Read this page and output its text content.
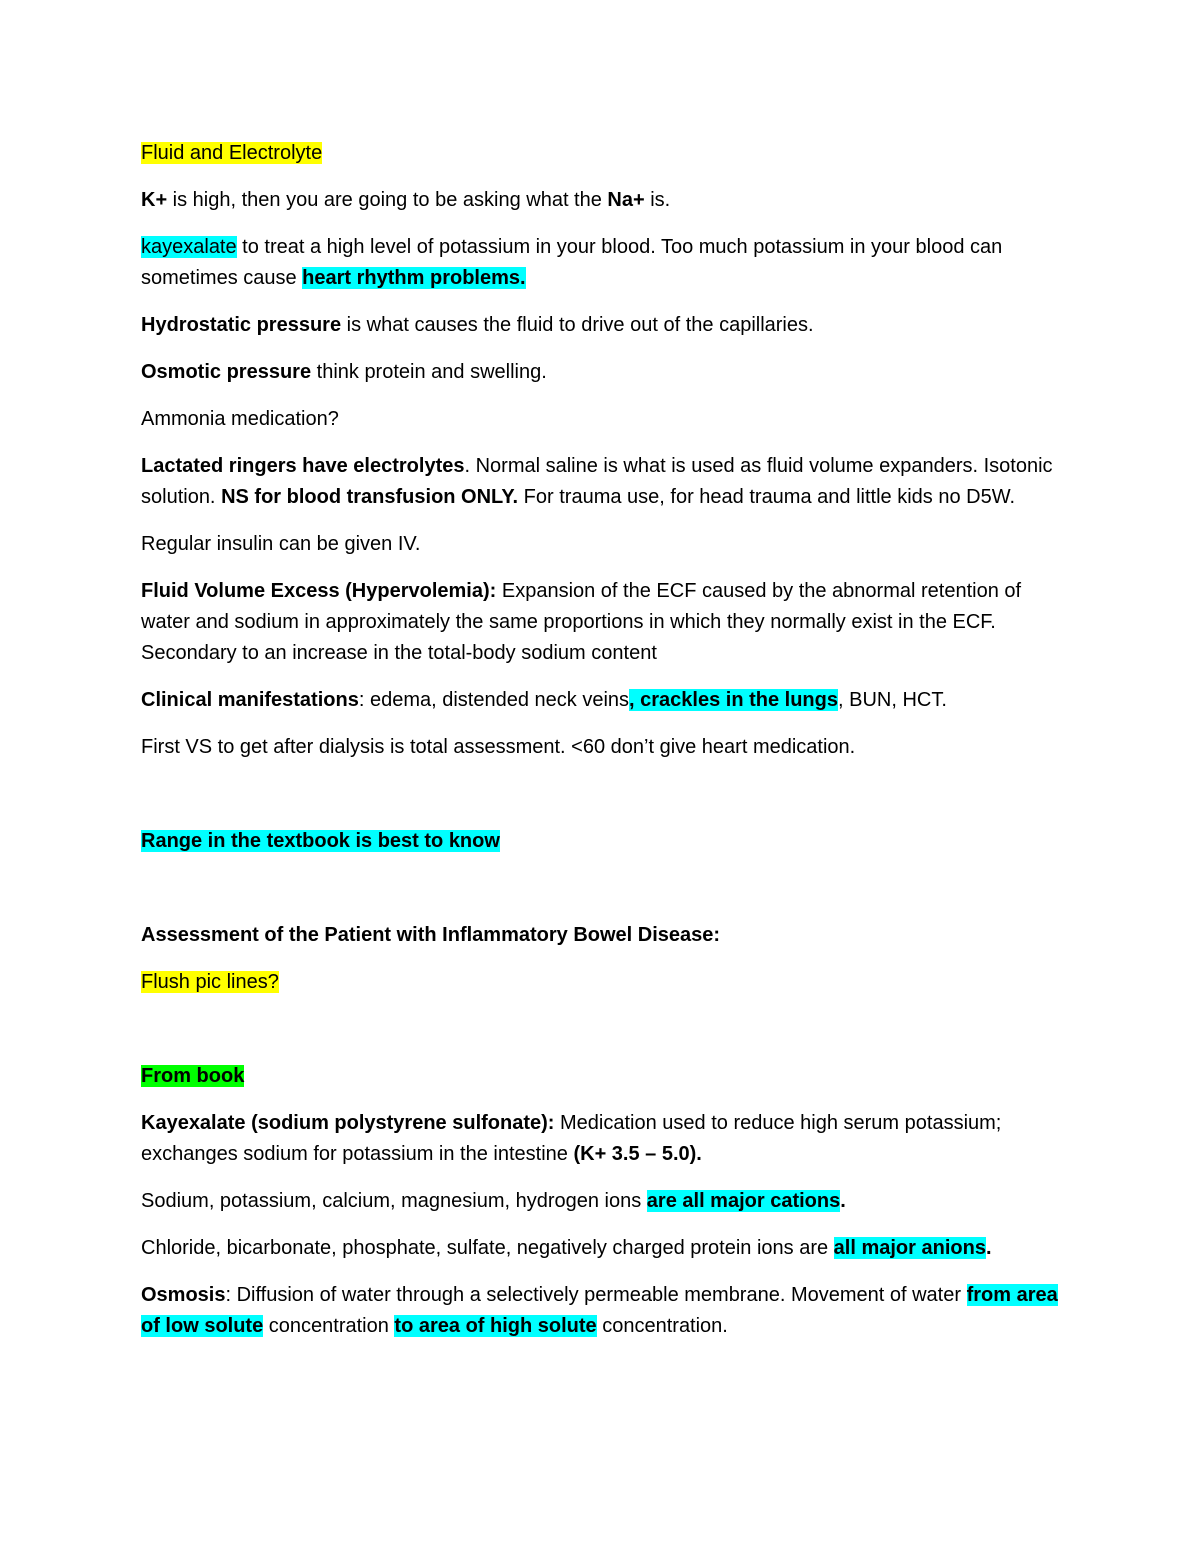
Fluid and Electrolyte

K+ is high, then you are going to be asking what the Na+ is.

kayexalate to treat a high level of potassium in your blood. Too much potassium in your blood can sometimes cause heart rhythm problems.

Hydrostatic pressure is what causes the fluid to drive out of the capillaries.

Osmotic pressure think protein and swelling.

Ammonia medication?

Lactated ringers have electrolytes. Normal saline is what is used as fluid volume expanders. Isotonic solution. NS for blood transfusion ONLY. For trauma use, for head trauma and little kids no D5W.

Regular insulin can be given IV.

Fluid Volume Excess (Hypervolemia): Expansion of the ECF caused by the abnormal retention of water and sodium in approximately the same proportions in which they normally exist in the ECF. Secondary to an increase in the total-body sodium content

Clinical manifestations: edema, distended neck veins, crackles in the lungs, BUN, HCT.

First VS to get after dialysis is total assessment. <60 don’t give heart medication.

Range in the textbook is best to know

Assessment of the Patient with Inflammatory Bowel Disease:

Flush pic lines?

From book

Kayexalate (sodium polystyrene sulfonate): Medication used to reduce high serum potassium; exchanges sodium for potassium in the intestine (K+ 3.5 – 5.0).

Sodium, potassium, calcium, magnesium, hydrogen ions are all major cations.

Chloride, bicarbonate, phosphate, sulfate, negatively charged protein ions are all major anions.

Osmosis: Diffusion of water through a selectively permeable membrane. Movement of water from area of low solute concentration to area of high solute concentration.
